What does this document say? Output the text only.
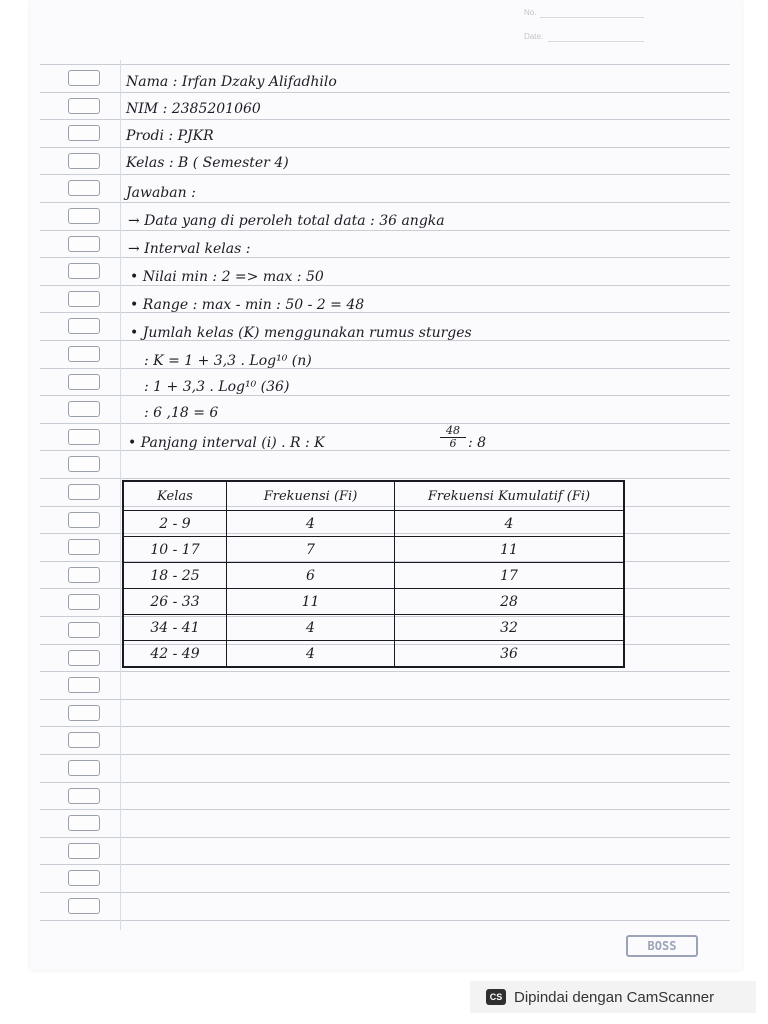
No.
Date:
Nama : Irfan Dzaky Alifadhilo
NIM : 2385201060
Prodi : PJKR
Kelas : B ( Semester 4)
Jawaban :
→ Data yang di peroleh total data : 36 angka
→ Interval kelas :
• Nilai min : 2 => max : 50
• Range : max - min : 50 - 2 = 48
• Jumlah kelas (K) menggunakan rumus sturges
: K = 1 + 3,3 . Log¹⁰ (n)
: 1 + 3,3 . Log¹⁰ (36)
: 6 ,18 = 6
• Panjang interval (i) . R : K	$\frac{48}{6}$ : 8
Kelas	Frekuensi (Fi)	Frekuensi Kumulatif (Fi)
2 - 9	4	4
10 - 17	7	11
18 - 25	6	17
26 - 33	11	28
34 - 41	4	32
42 - 49	4	36
BOSS
CS Dipindai dengan CamScanner
